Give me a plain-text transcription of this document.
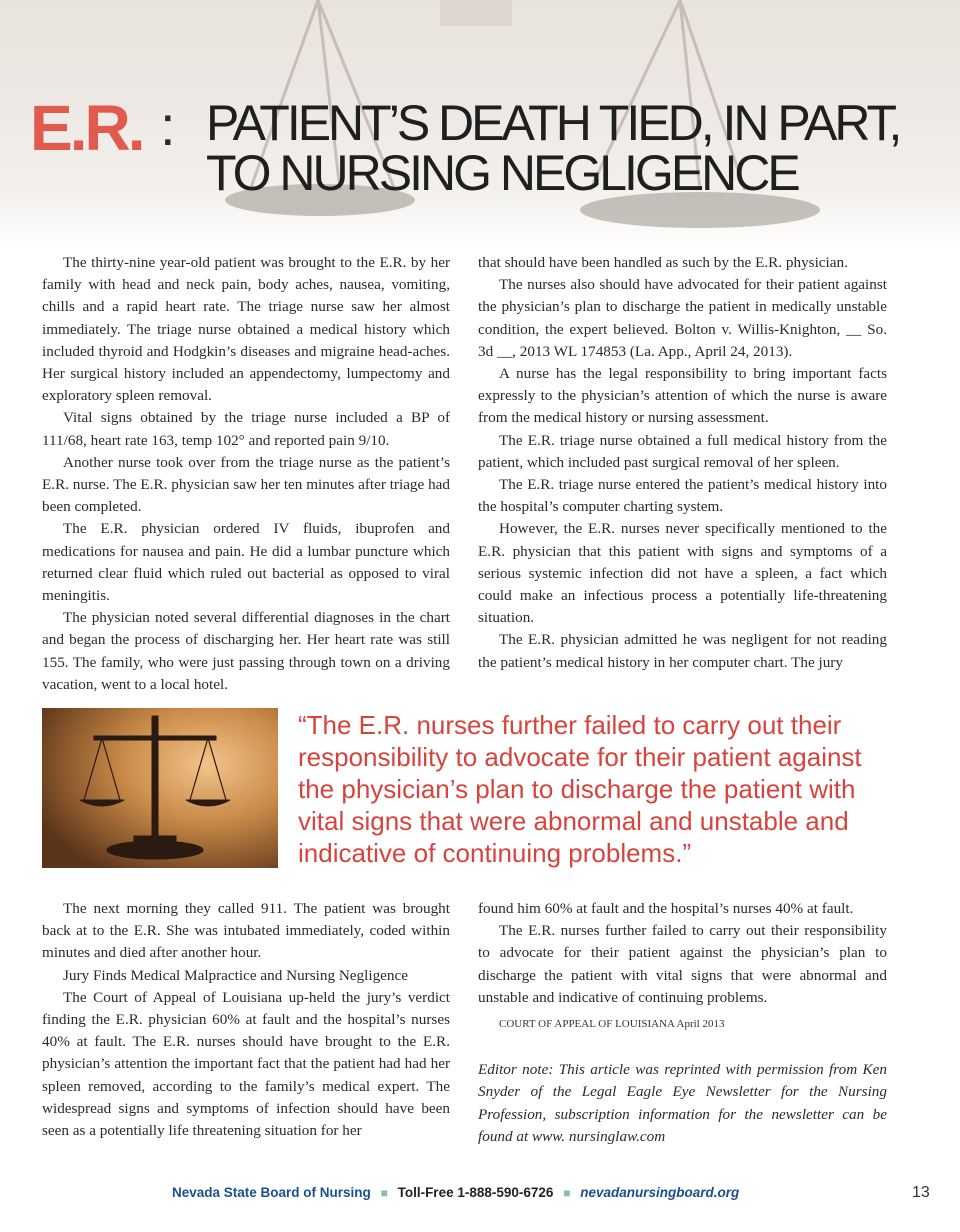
E.R. : PATIENT’S DEATH TIED, IN PART,
TO NURSING NEGLIGENCE

The thirty-nine year-old patient was brought to the E.R. by her family with head and neck pain, body aches, nausea, vomiting, chills and a rapid heart rate. The triage nurse saw her almost immediately. The triage nurse obtained a medical history which included thyroid and Hodgkin’s diseases and migraine head-aches. Her surgical history included an appendectomy, lumpectomy and exploratory spleen removal.

Vital signs obtained by the triage nurse included a BP of 111/68, heart rate 163, temp 102° and reported pain 9/10.

Another nurse took over from the triage nurse as the patient’s E.R. nurse. The E.R. physician saw her ten minutes after triage had been completed.

The E.R. physician ordered IV fluids, ibuprofen and medications for nausea and pain. He did a lumbar puncture which returned clear fluid which ruled out bacterial as opposed to viral meningitis.

The physician noted several differential diagnoses in the chart and began the process of discharging her. Her heart rate was still 155. The family, who were just passing through town on a driving vacation, went to a local hotel.

that should have been handled as such by the E.R. physician.

The nurses also should have advocated for their patient against the physician’s plan to discharge the patient in medically unstable condition, the expert believed. Bolton v. Willis-Knighton, __ So. 3d __, 2013 WL 174853 (La. App., April 24, 2013).

A nurse has the legal responsibility to bring important facts expressly to the physician’s attention of which the nurse is aware from the medical history or nursing assessment.

The E.R. triage nurse obtained a full medical history from the patient, which included past surgical removal of her spleen.

The E.R. triage nurse entered the patient’s medical history into the hospital’s computer charting system.

However, the E.R. nurses never specifically mentioned to the E.R. physician that this patient with signs and symptoms of a serious systemic infection did not have a spleen, a fact which could make an infectious process a potentially life-threatening situation.

The E.R. physician admitted he was negligent for not reading the patient’s medical history in her computer chart. The jury

“The E.R. nurses further failed to carry out their responsibility to advocate for their patient against the physician’s plan to discharge the patient with vital signs that were abnormal and unstable and indicative of continuing problems.”

The next morning they called 911. The patient was brought back at to the E.R. She was intubated immediately, coded within minutes and died after another hour.

Jury Finds Medical Malpractice and Nursing Negligence

The Court of Appeal of Louisiana up-held the jury’s verdict finding the E.R. physician 60% at fault and the hospital’s nurses 40% at fault. The E.R. nurses should have brought to the E.R. physician’s attention the important fact that the patient had had her spleen removed, according to the family’s medical expert. The widespread signs and symptoms of infection should have been seen as a potentially life threatening situation for her

found him 60% at fault and the hospital’s nurses 40% at fault.

The E.R. nurses further failed to carry out their responsibility to advocate for their patient against the physician’s plan to discharge the patient with vital signs that were abnormal and unstable and indicative of continuing problems.

COURT OF APPEAL OF LOUISIANA April 2013

Editor note: This article was reprinted with permission from Ken Snyder of the Legal Eagle Eye Newsletter for the Nursing Profession, subscription information for the newsletter can be found at www. nursinglaw.com

Nevada State Board of Nursing ■ Toll-Free 1-888-590-6726 ■ nevadanursingboard.org	13
